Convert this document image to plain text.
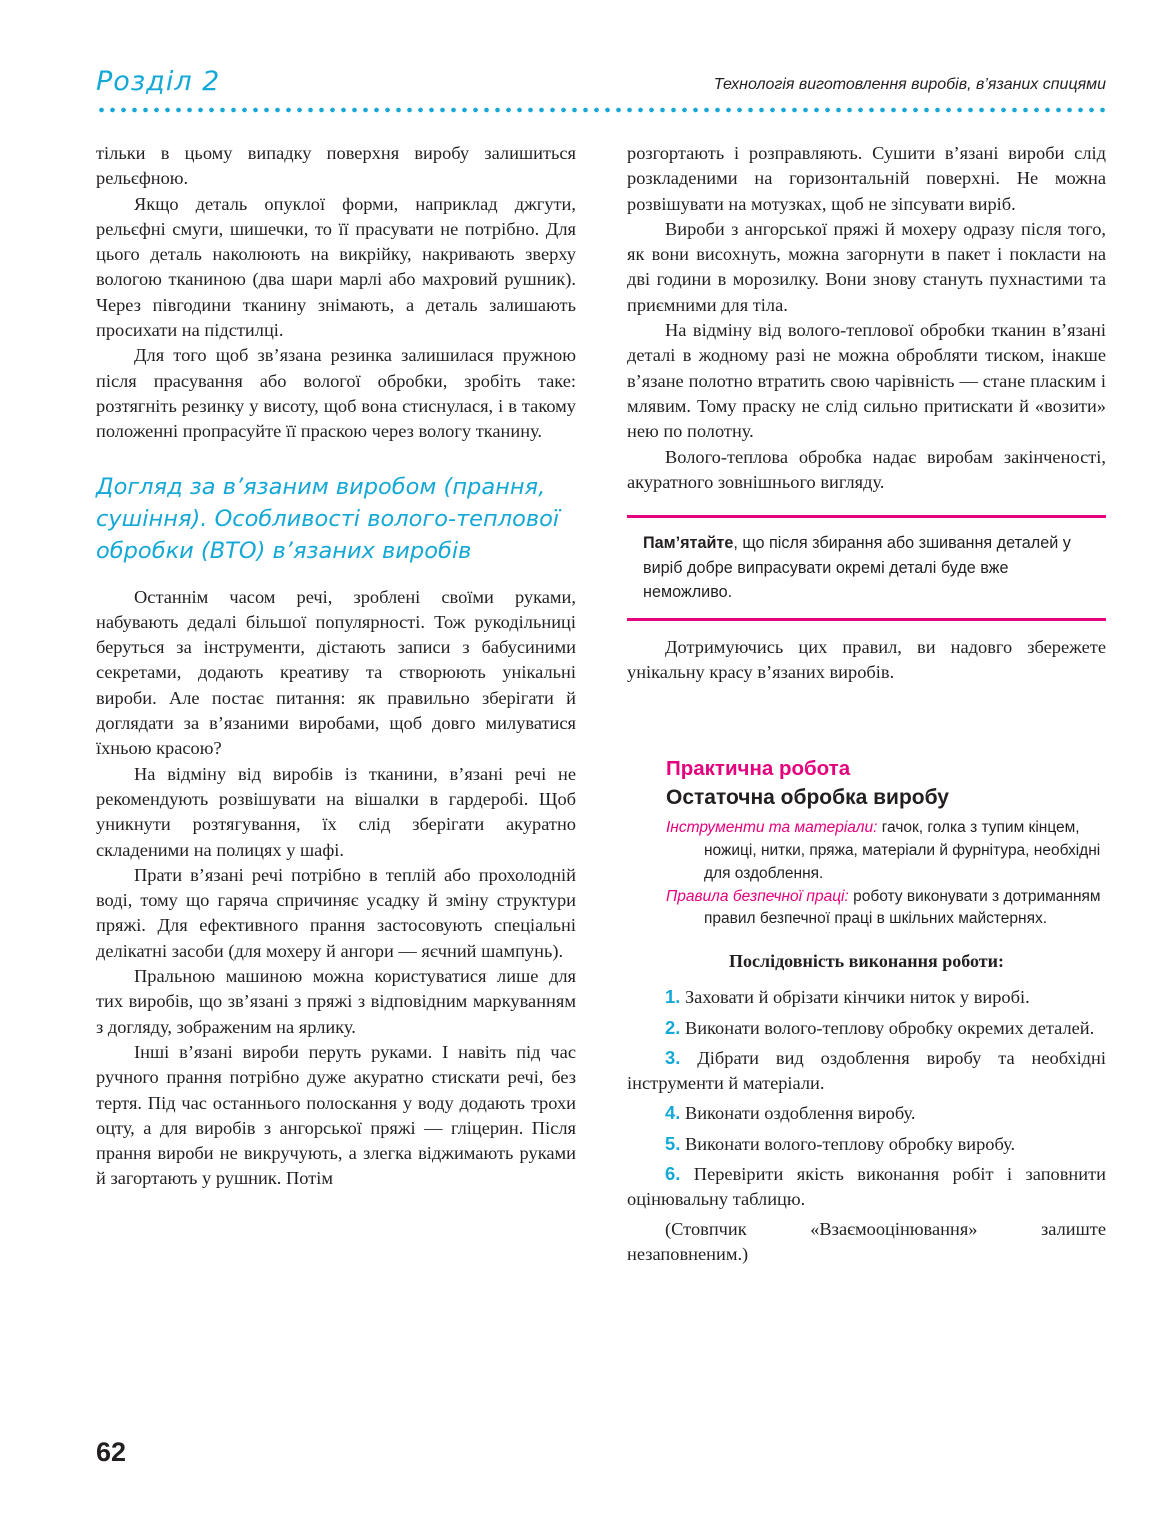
Розділ 2	Технологія виготовлення виробів, в’язаних спицями

тільки в цьому випадку поверхня виробу залишиться рельєфною.

Якщо деталь опуклої форми, наприклад джгути, рельєфні смуги, шишечки, то її прасувати не потрібно. Для цього деталь наколюють на викрійку, накривають зверху вологою тканиною (два шари марлі або махровий рушник). Через півгодини тканину знімають, а деталь залишають просихати на підстилці.

Для того щоб зв’язана резинка залишилася пружною після прасування або вологої обробки, зробіть таке: розтягніть резинку у висоту, щоб вона стиснулася, і в такому положенні пропрасуйте її праскою через вологу тканину.

Догляд за в’язаним виробом (прання, сушіння). Особливості волого-теплової обробки (ВТО) в’язаних виробів

Останнім часом речі, зроблені своїми руками, набувають дедалі більшої популярності. Тож рукодільниці беруться за інструменти, дістають записи з бабусиними секретами, додають креативу та створюють унікальні вироби. Але постає питання: як правильно зберігати й доглядати за в’язаними виробами, щоб довго милуватися їхньою красою?

На відміну від виробів із тканини, в’язані речі не рекомендують розвішувати на вішалки в гардеробі. Щоб уникнути розтягування, їх слід зберігати акуратно складеними на полицях у шафі.

Прати в’язані речі потрібно в теплій або прохолодній воді, тому що гаряча спричиняє усадку й зміну структури пряжі. Для ефективного прання застосовують спеціальні делікатні засоби (для мохеру й ангори — яєчний шампунь).

Пральною машиною можна користуватися лише для тих виробів, що зв’язані з пряжі з відповідним маркуванням з догляду, зображеним на ярлику.

Інші в’язані вироби перуть руками. І навіть під час ручного прання потрібно дуже акуратно стискати речі, без тертя. Під час останнього полоскання у воду додають трохи оцту, а для виробів з ангорської пряжі — гліцерин. Після прання вироби не викручують, а злегка віджимають руками й загортають у рушник. Потім

розгортають і розправляють. Сушити в’язані вироби слід розкладеними на горизонтальній поверхні. Не можна розвішувати на мотузках, щоб не зіпсувати виріб.

Вироби з ангорської пряжі й мохеру одразу після того, як вони висохнуть, можна загорнути в пакет і покласти на дві години в морозилку. Вони знову стануть пухнастими та приємними для тіла.

На відміну від волого-теплової обробки тканин в’язані деталі в жодному разі не можна обробляти тиском, інакше в’язане полотно втратить свою чарівність — стане пласким і млявим. Тому праску не слід сильно притискати й «возити» нею по полотну.

Волого-теплова обробка надає виробам закінченості, акуратного зовнішнього вигляду.

Пам’ятайте, що після збирання або зшивання деталей у виріб добре випрасувати окремі деталі буде вже неможливо.

Дотримуючись цих правил, ви надовго збережете унікальну красу в’язаних виробів.

Практична робота
Остаточна обробка виробу

Інструменти та матеріали: гачок, голка з тупим кінцем, ножиці, нитки, пряжа, матеріали й фурнітура, необхідні для оздоблення.

Правила безпечної праці: роботу виконувати з дотриманням правил безпечної праці в шкільних майстернях.

Послідовність виконання роботи:

1. Заховати й обрізати кінчики ниток у виробі.

2. Виконати волого-теплову обробку окремих деталей.

3. Дібрати вид оздоблення виробу та необхідні інструменти й матеріали.

4. Виконати оздоблення виробу.

5. Виконати волого-теплову обробку виробу.

6. Перевірити якість виконання робіт і заповнити оцінювальну таблицю.

(Стовпчик «Взаємооцінювання» залиште незаповненим.)

62
